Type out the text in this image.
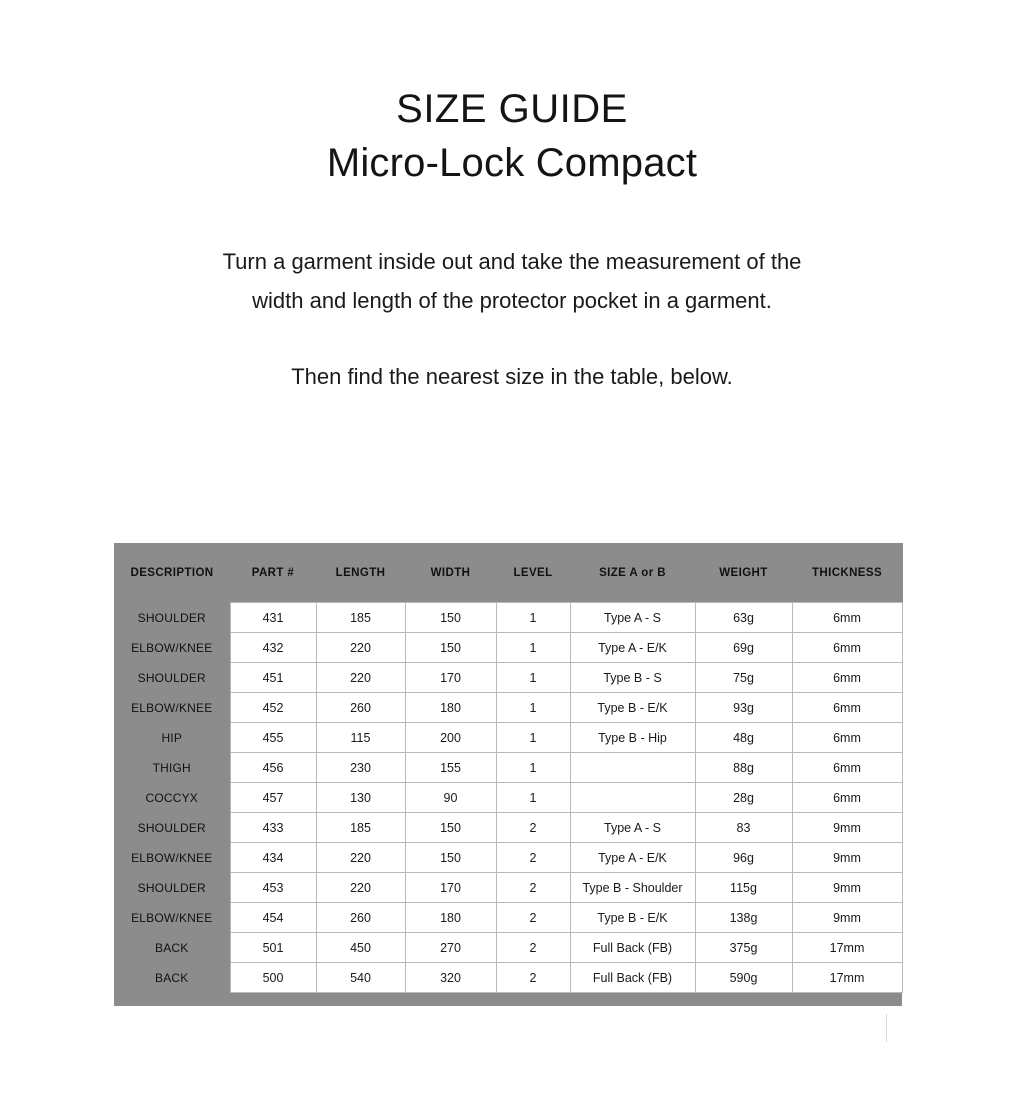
SIZE GUIDE
Micro-Lock Compact

Turn a garment inside out and take the measurement of the

width and length of the protector pocket in a garment.

Then find the nearest size in the table, below.

DESCRIPTION	PART #	LENGTH	WIDTH	LEVEL	SIZE A or B	WEIGHT	THICKNESS
SHOULDER	431	185	150	1	Type A - S	63g	6mm
ELBOW/KNEE	432	220	150	1	Type A - E/K	69g	6mm
SHOULDER	451	220	170	1	Type B - S	75g	6mm
ELBOW/KNEE	452	260	180	1	Type B - E/K	93g	6mm
HIP	455	115	200	1	Type B - Hip	48g	6mm
THIGH	456	230	155	1		88g	6mm
COCCYX	457	130	90	1		28g	6mm
SHOULDER	433	185	150	2	Type A - S	83	9mm
ELBOW/KNEE	434	220	150	2	Type A - E/K	96g	9mm
SHOULDER	453	220	170	2	Type B - Shoulder	115g	9mm
ELBOW/KNEE	454	260	180	2	Type B - E/K	138g	9mm
BACK	501	450	270	2	Full Back (FB)	375g	17mm
BACK	500	540	320	2	Full Back (FB)	590g	17mm
